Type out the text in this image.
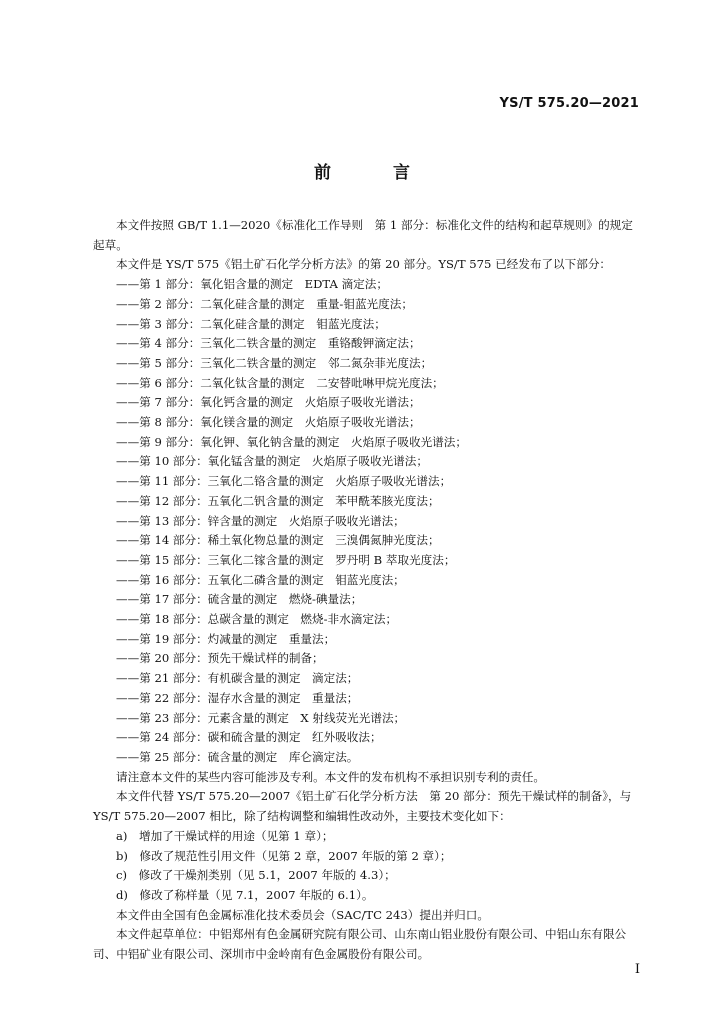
YS/T 575.20—2021
前 言

本文件按照 GB/T 1.1—2020《标准化工作导则　第 1 部分：标准化文件的结构和起草规则》的规定起草。

本文件是 YS/T 575《铝土矿石化学分析方法》的第 20 部分。YS/T 575 已经发布了以下部分：

——第 1 部分：氧化铝含量的测定　EDTA 滴定法；

——第 2 部分：二氧化硅含量的测定　重量-钼蓝光度法；

——第 3 部分：二氧化硅含量的测定　钼蓝光度法；

——第 4 部分：三氧化二铁含量的测定　重铬酸钾滴定法；

——第 5 部分：三氧化二铁含量的测定　邻二氮杂菲光度法；

——第 6 部分：二氧化钛含量的测定　二安替吡啉甲烷光度法；

——第 7 部分：氧化钙含量的测定　火焰原子吸收光谱法；

——第 8 部分：氧化镁含量的测定　火焰原子吸收光谱法；

——第 9 部分：氧化钾、氧化钠含量的测定　火焰原子吸收光谱法；

——第 10 部分：氧化锰含量的测定　火焰原子吸收光谱法；

——第 11 部分：三氧化二铬含量的测定　火焰原子吸收光谱法；

——第 12 部分：五氧化二钒含量的测定　苯甲酰苯胲光度法；

——第 13 部分：锌含量的测定　火焰原子吸收光谱法；

——第 14 部分：稀土氧化物总量的测定　三溴偶氮胂光度法；

——第 15 部分：三氧化二镓含量的测定　罗丹明 B 萃取光度法；

——第 16 部分：五氧化二磷含量的测定　钼蓝光度法；

——第 17 部分：硫含量的测定　燃烧-碘量法；

——第 18 部分：总碳含量的测定　燃烧-非水滴定法；

——第 19 部分：灼减量的测定　重量法；

——第 20 部分：预先干燥试样的制备；

——第 21 部分：有机碳含量的测定　滴定法；

——第 22 部分：湿存水含量的测定　重量法；

——第 23 部分：元素含量的测定　X 射线荧光光谱法；

——第 24 部分：碳和硫含量的测定　红外吸收法；

——第 25 部分：硫含量的测定　库仑滴定法。

请注意本文件的某些内容可能涉及专利。本文件的发布机构不承担识别专利的责任。

本文件代替 YS/T 575.20—2007《铝土矿石化学分析方法　第 20 部分：预先干燥试样的制备》，与 YS/T 575.20—2007 相比，除了结构调整和编辑性改动外，主要技术变化如下：

a)　增加了干燥试样的用途（见第 1 章）；

b)　修改了规范性引用文件（见第 2 章，2007 年版的第 2 章）；

c)　修改了干燥剂类别（见 5.1，2007 年版的 4.3）；

d)　修改了称样量（见 7.1，2007 年版的 6.1）。

本文件由全国有色金属标准化技术委员会（SAC/TC 243）提出并归口。

本文件起草单位：中铝郑州有色金属研究院有限公司、山东南山铝业股份有限公司、中铝山东有限公司、中铝矿业有限公司、深圳市中金岭南有色金属股份有限公司。

I
